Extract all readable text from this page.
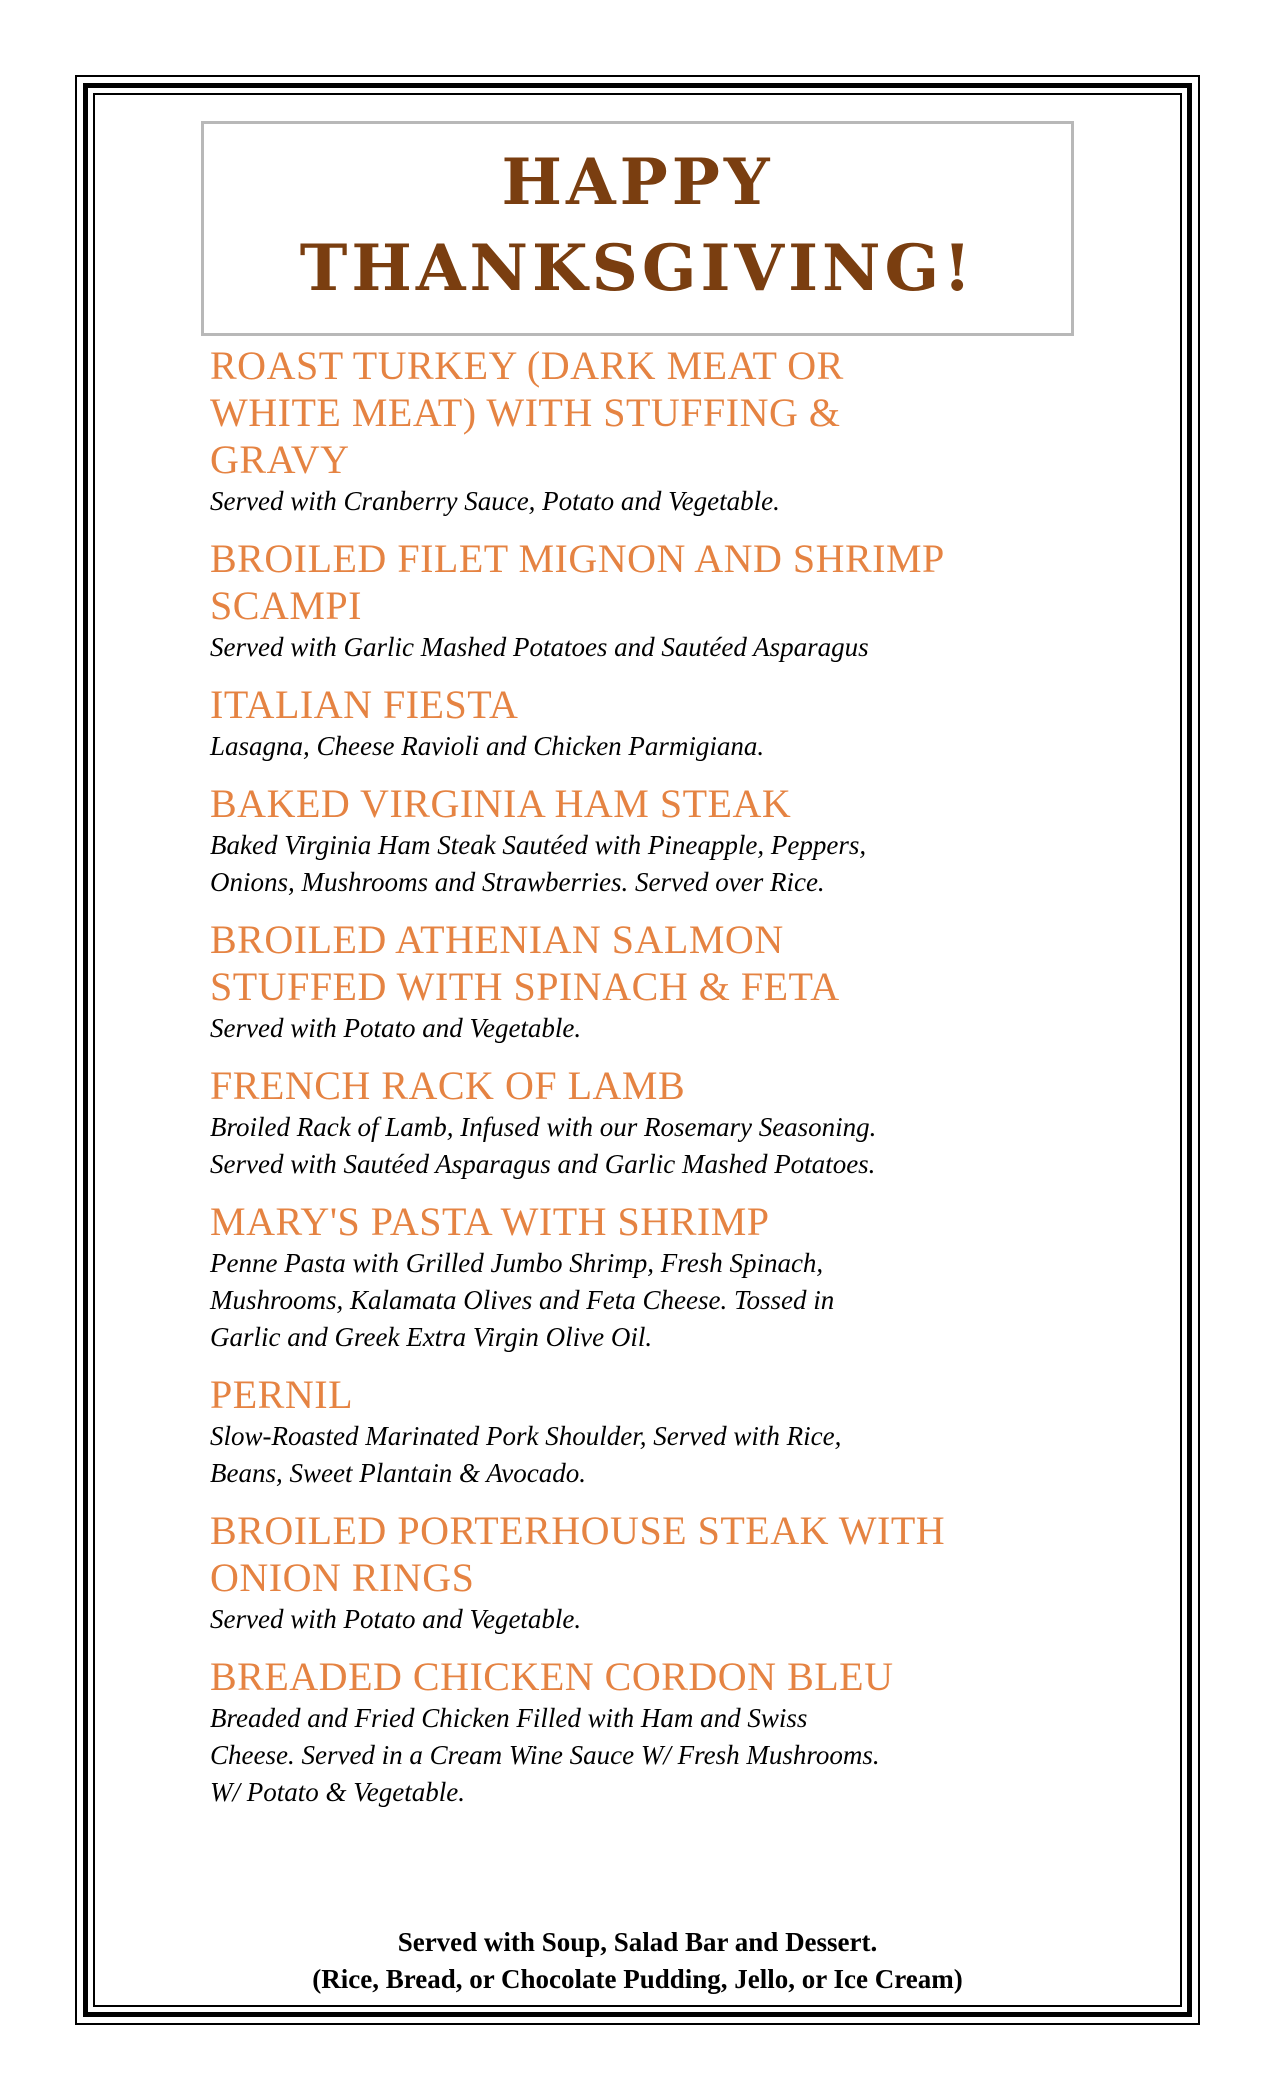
HAPPY
THANKSGIVING!
ROAST TURKEY (DARK MEAT OR
WHITE MEAT) WITH STUFFING &
GRAVY
Served with Cranberry Sauce, Potato and Vegetable.
BROILED FILET MIGNON AND SHRIMP
SCAMPI
Served with Garlic Mashed Potatoes and Sautéed Asparagus
ITALIAN FIESTA
Lasagna, Cheese Ravioli and Chicken Parmigiana.
BAKED VIRGINIA HAM STEAK
Baked Virginia Ham Steak Sautéed with Pineapple, Peppers,
Onions, Mushrooms and Strawberries. Served over Rice.
BROILED ATHENIAN SALMON
STUFFED WITH SPINACH & FETA
Served with Potato and Vegetable.
FRENCH RACK OF LAMB
Broiled Rack of Lamb, Infused with our Rosemary Seasoning.
Served with Sautéed Asparagus and Garlic Mashed Potatoes.
MARY'S PASTA WITH SHRIMP
Penne Pasta with Grilled Jumbo Shrimp, Fresh Spinach,
Mushrooms, Kalamata Olives and Feta Cheese. Tossed in
Garlic and Greek Extra Virgin Olive Oil.
PERNIL
Slow-Roasted Marinated Pork Shoulder, Served with Rice,
Beans, Sweet Plantain & Avocado.
BROILED PORTERHOUSE STEAK WITH
ONION RINGS
Served with Potato and Vegetable.
BREADED CHICKEN CORDON BLEU
Breaded and Fried Chicken Filled with Ham and Swiss
Cheese. Served in a Cream Wine Sauce W/ Fresh Mushrooms.
W/ Potato & Vegetable.
Served with Soup, Salad Bar and Dessert.
(Rice, Bread, or Chocolate Pudding, Jello, or Ice Cream)
